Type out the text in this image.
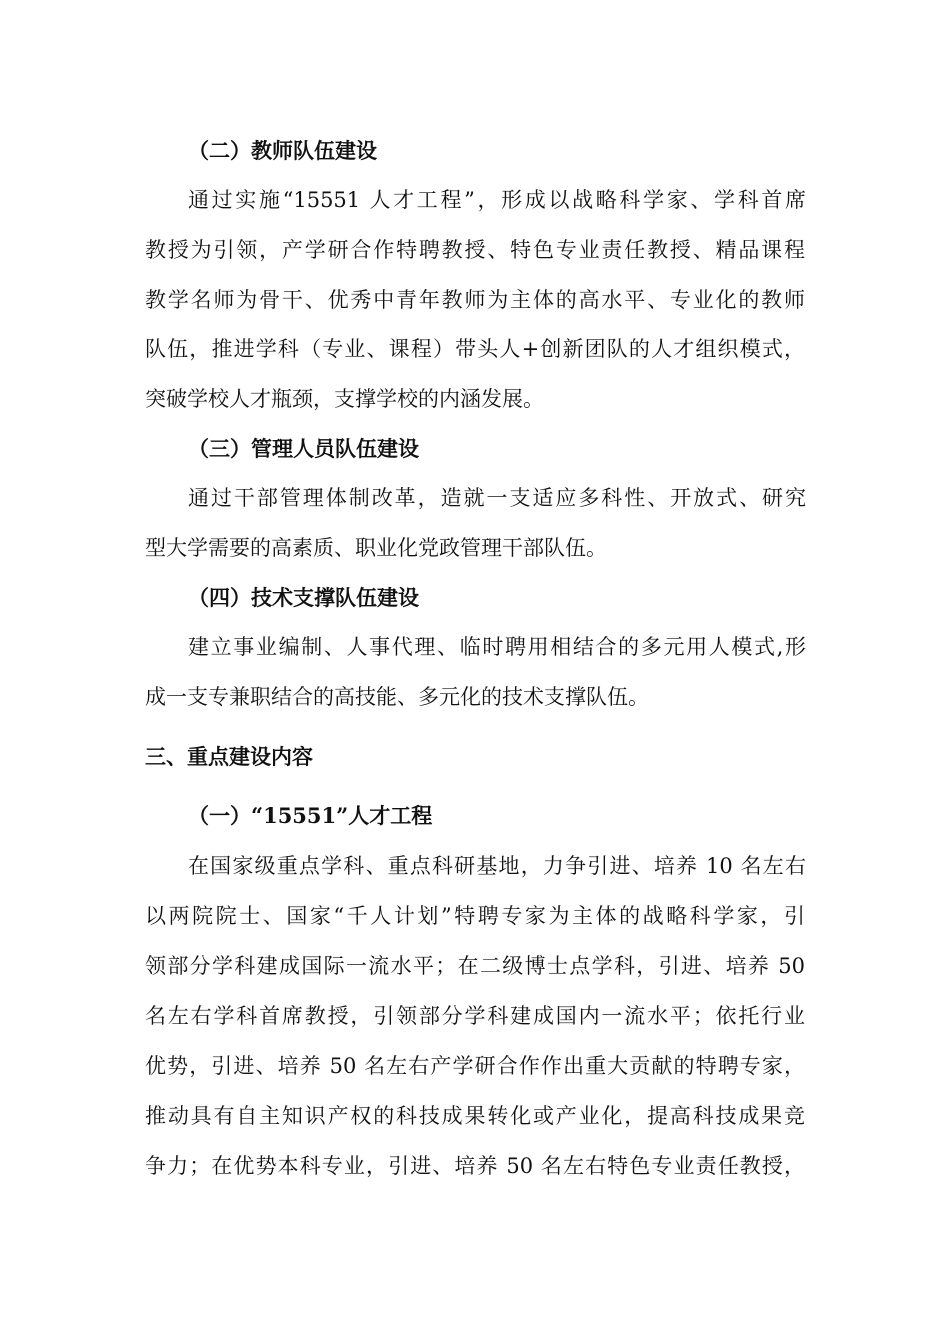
（二）教师队伍建设
通过实施“15551 人才工程”，形成以战略科学家、学科首席
教授为引领，产学研合作特聘教授、特色专业责任教授、精品课程
教学名师为骨干、优秀中青年教师为主体的高水平、专业化的教师
队伍，推进学科（专业、课程）带头人+创新团队的人才组织模式，
突破学校人才瓶颈，支撑学校的内涵发展。
（三）管理人员队伍建设
通过干部管理体制改革，造就一支适应多科性、开放式、研究
型大学需要的高素质、职业化党政管理干部队伍。
（四）技术支撑队伍建设
建立事业编制、人事代理、临时聘用相结合的多元用人模式,形
成一支专兼职结合的高技能、多元化的技术支撑队伍。
三、重点建设内容
（一）“15551”人才工程
在国家级重点学科、重点科研基地，力争引进、培养 10 名左右
以两院院士、国家“千人计划”特聘专家为主体的战略科学家，引
领部分学科建成国际一流水平；在二级博士点学科，引进、培养 50
名左右学科首席教授，引领部分学科建成国内一流水平；依托行业
优势，引进、培养 50 名左右产学研合作作出重大贡献的特聘专家，
推动具有自主知识产权的科技成果转化或产业化，提高科技成果竞
争力；在优势本科专业，引进、培养 50 名左右特色专业责任教授，
